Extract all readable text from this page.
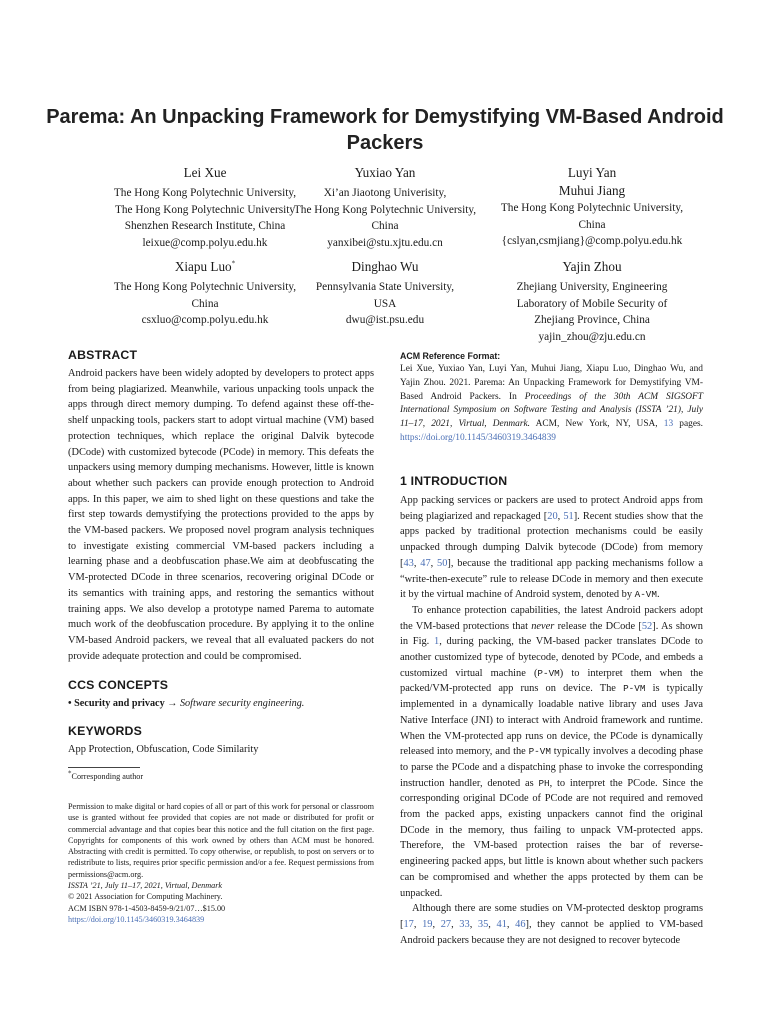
Parema: An Unpacking Framework for Demystifying VM-Based Android Packers
Lei Xue
The Hong Kong Polytechnic University,
The Hong Kong Polytechnic University
Shenzhen Research Institute, China
leixue@comp.polyu.edu.hk
Yuxiao Yan
Xi’an Jiaotong Univerisity,
The Hong Kong Polytechnic University,
China
yanxibei@stu.xjtu.edu.cn
Luyi Yan
Muhui Jiang
The Hong Kong Polytechnic University,
China
{cslyan,csmjiang}@comp.polyu.edu.hk
Xiapu Luo*
The Hong Kong Polytechnic University,
China
csxluo@comp.polyu.edu.hk
Dinghao Wu
Pennsylvania State University,
USA
dwu@ist.psu.edu
Yajin Zhou
Zhejiang University, Engineering
Laboratory of Mobile Security of
Zhejiang Province, China
yajin_zhou@zju.edu.cn
ABSTRACT

Android packers have been widely adopted by developers to protect apps from being plagiarized. Meanwhile, various unpacking tools unpack the apps through direct memory dumping. To defend against these off-the-shelf unpacking tools, packers start to adopt virtual machine (VM) based protection techniques, which replace the original Dalvik bytecode (DCode) with customized bytecode (PCode) in memory. This defeats the unpackers using memory dumping mechanisms. However, little is known about whether such packers can provide enough protection to Android apps. In this paper, we aim to shed light on these questions and take the first step towards demystifying the protections provided to the apps by the VM-based packers. We proposed novel program analysis techniques to investigate existing commercial VM-based packers including a learning phase and a deobfuscation phase.We aim at deobfuscating the VM-protected DCode in three scenarios, recovering original DCode or its semantics with training apps, and restoring the semantics without training apps. We also develop a prototype named Parema to automate much work of the deobfuscation procedure. By applying it to the online VM-based Android packers, we reveal that all evaluated packers do not provide adequate protection and could be compromised.

CCS CONCEPTS
• Security and privacy → Software security engineering.
KEYWORDS
App Protection, Obfuscation, Code Similarity
*Corresponding author
Permission to make digital or hard copies of all or part of this work for personal or classroom use is granted without fee provided that copies are not made or distributed for profit or commercial advantage and that copies bear this notice and the full citation on the first page. Copyrights for components of this work owned by others than ACM must be honored. Abstracting with credit is permitted. To copy otherwise, or republish, to post on servers or to redistribute to lists, requires prior specific permission and/or a fee. Request permissions from permissions@acm.org.
ISSTA ’21, July 11–17, 2021, Virtual, Denmark
© 2021 Association for Computing Machinery.
ACM ISBN 978-1-4503-8459-9/21/07…$15.00
https://doi.org/10.1145/3460319.3464839
ACM Reference Format:
Lei Xue, Yuxiao Yan, Luyi Yan, Muhui Jiang, Xiapu Luo, Dinghao Wu, and Yajin Zhou. 2021. Parema: An Unpacking Framework for Demystifying VM-Based Android Packers. In Proceedings of the 30th ACM SIGSOFT International Symposium on Software Testing and Analysis (ISSTA ’21), July 11–17, 2021, Virtual, Denmark. ACM, New York, NY, USA, 13 pages. https://doi.org/10.1145/3460319.3464839
1 INTRODUCTION

App packing services or packers are used to protect Android apps from being plagiarized and repackaged [20, 51]. Recent studies show that the apps packed by traditional protection mechanisms could be easily unpacked through dumping Dalvik bytecode (DCode) from memory [43, 47, 50], because the traditional app packing mechanisms follow a “write-then-execute” rule to release DCode in memory and then execute it by the virtual machine of Android system, denoted by A-VM.

To enhance protection capabilities, the latest Android packers adopt the VM-based protections that never release the DCode [52]. As shown in Fig. 1, during packing, the VM-based packer translates DCode to another customized type of bytecode, denoted by PCode, and embeds a customized virtual machine (P-VM) to interpret them when the packed/VM-protected app runs on device. The P-VM is typically implemented in a dynamically loadable native library and uses Java Native Interface (JNI) to interact with Android framework and runtime. When the VM-protected app runs on device, the PCode is dynamically released into memory, and the P-VM typically involves a decoding phase to parse the PCode and a dispatching phase to invoke the corresponding instruction handler, denoted as PH, to interpret the PCode. Since the corresponding original DCode of PCode are not required and removed from the packed apps, existing unpackers cannot find the original DCode in the memory, thus failing to unpack VM-protected apps. Therefore, the VM-based protection raises the bar of reverse-engineering packed apps, but little is known about whether such packers can be compromised and whether the apps protected by them can be unpacked.

Although there are some studies on VM-protected desktop programs [17, 19, 27, 33, 35, 41, 46], they cannot be applied to VM-based Android packers because they are not designed to recover bytecode
